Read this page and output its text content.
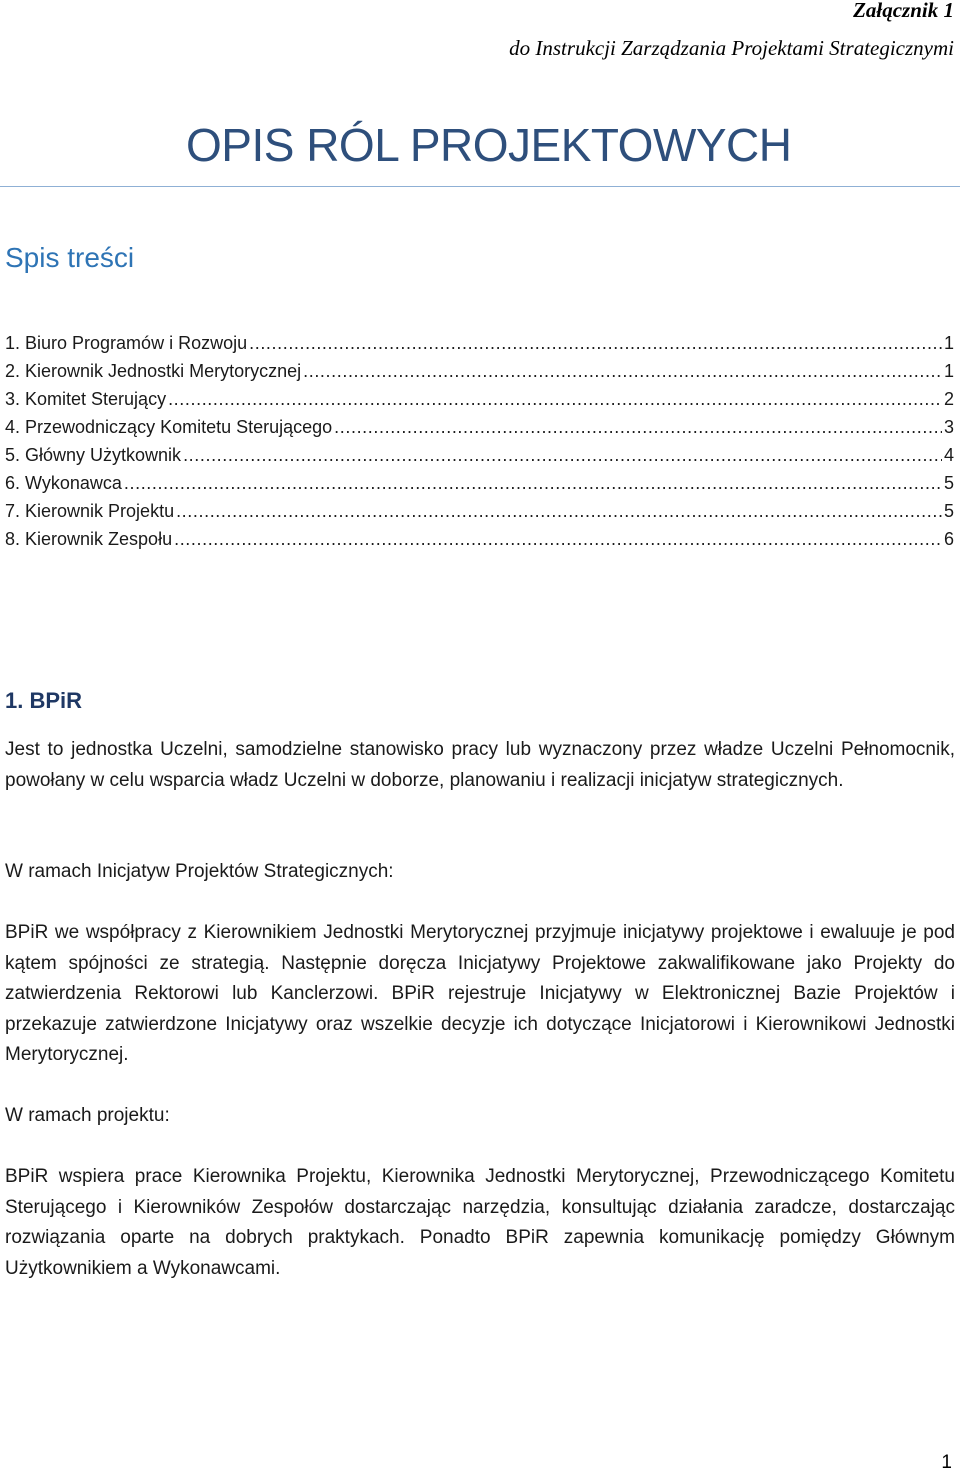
Załącznik 1
do Instrukcji Zarządzania Projektami Strategicznymi
OPIS RÓL PROJEKTOWYCH
Spis treści
1. Biuro Programów i Rozwoju . . .	1
2. Kierownik Jednostki Merytorycznej . . .	1
3. Komitet Sterujący . . .	2
4. Przewodniczący Komitetu Sterującego . . .	3
5. Główny Użytkownik . . .	4
6. Wykonawca . . .	5
7. Kierownik Projektu . . .	5
8. Kierownik Zespołu . . .	6
1. BPiR
Jest to jednostka Uczelni, samodzielne stanowisko pracy lub wyznaczony przez władze Uczelni Pełnomocnik, powołany w celu wsparcia władz Uczelni w doborze, planowaniu i realizacji inicjatyw strategicznych.
W ramach Inicjatyw Projektów Strategicznych:
BPiR we współpracy z Kierownikiem Jednostki Merytorycznej przyjmuje inicjatywy projektowe i ewaluuje je pod kątem spójności ze strategią. Następnie doręcza Inicjatywy Projektowe zakwalifikowane jako Projekty do zatwierdzenia Rektorowi lub Kanclerzowi. BPiR rejestruje Inicjatywy w Elektronicznej Bazie Projektów i przekazuje zatwierdzone Inicjatywy oraz wszelkie decyzje ich dotyczące Inicjatorowi i Kierownikowi Jednostki Merytorycznej.
W ramach projektu:
BPiR wspiera prace Kierownika Projektu, Kierownika Jednostki Merytorycznej, Przewodniczącego Komitetu Sterującego i Kierowników Zespołów dostarczając narzędzia, konsultując działania zaradcze, dostarczając rozwiązania oparte na dobrych praktykach. Ponadto BPiR zapewnia komunikację pomiędzy Głównym Użytkownikiem a Wykonawcami.
1
